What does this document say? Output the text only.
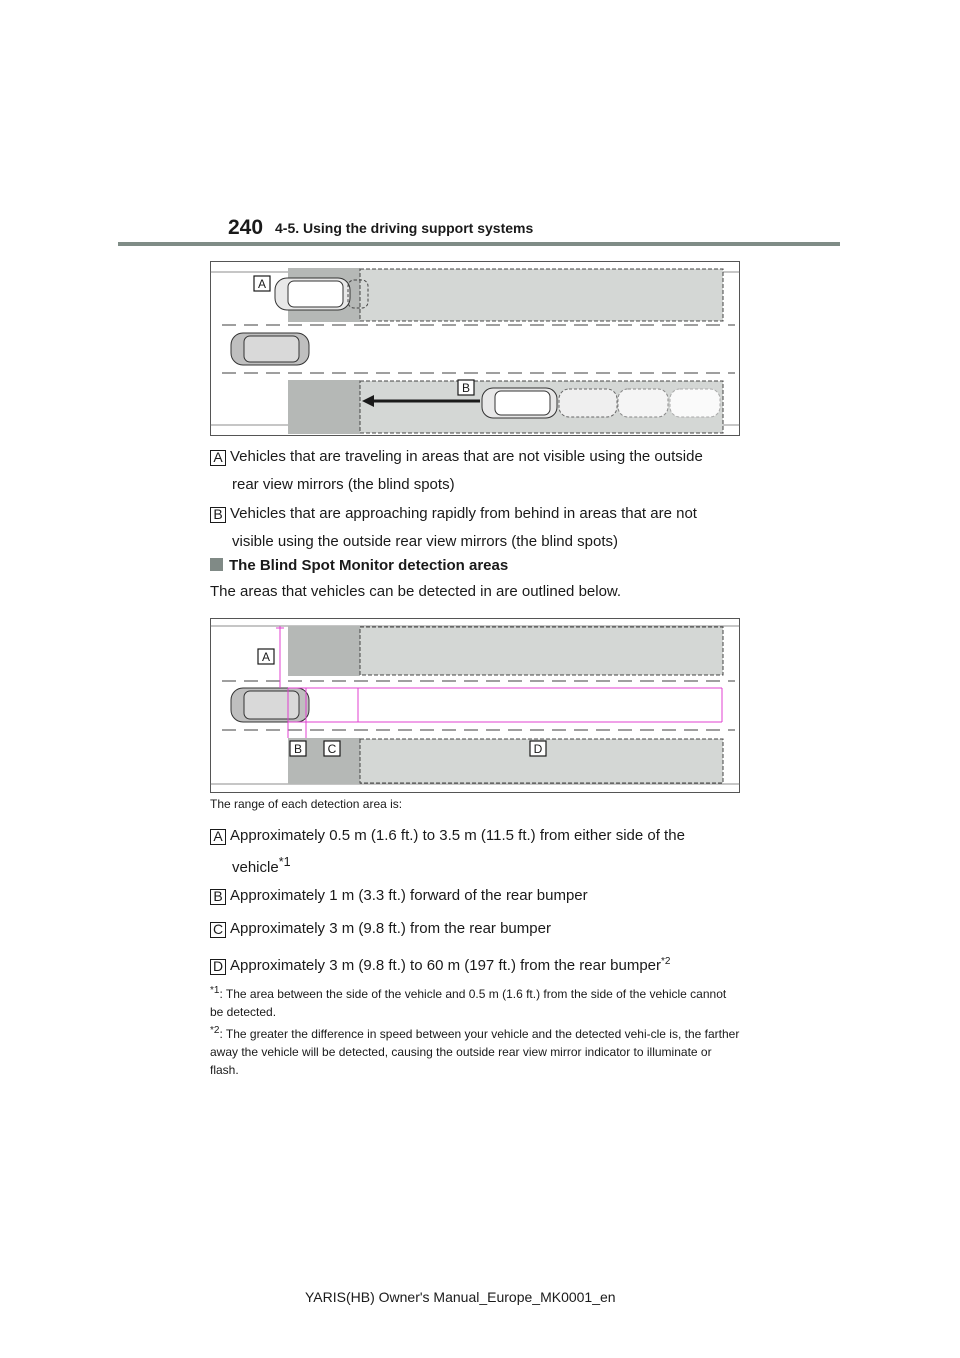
240 4-5. Using the driving support systems
A
B
A Vehicles that are traveling in areas that are not visible using the outside
rear view mirrors (the blind spots)
B Vehicles that are approaching rapidly from behind in areas that are not
visible using the outside rear view mirrors (the blind spots)
The Blind Spot Monitor detection areas
The areas that vehicles can be detected in are outlined below.
A
B C	D
The range of each detection area is:
A Approximately 0.5 m (1.6 ft.) to 3.5 m (11.5 ft.) from either side of the
vehicle$^{*1}$
B Approximately 1 m (3.3 ft.) forward of the rear bumper
C Approximately 3 m (9.8 ft.) from the rear bumper
D Approximately 3 m (9.8 ft.) to 60 m (197 ft.) from the rear bumper$^{*2}$
$^{*1}$: The area between the side of the vehicle and 0.5 m (1.6 ft.) from the side of the vehicle cannot be detected.
$^{*2}$: The greater the difference in speed between your vehicle and the detected vehi-cle is, the farther away the vehicle will be detected, causing the outside rear view mirror indicator to illuminate or flash.
YARIS(HB) Owner's Manual_Europe_MK0001_en
